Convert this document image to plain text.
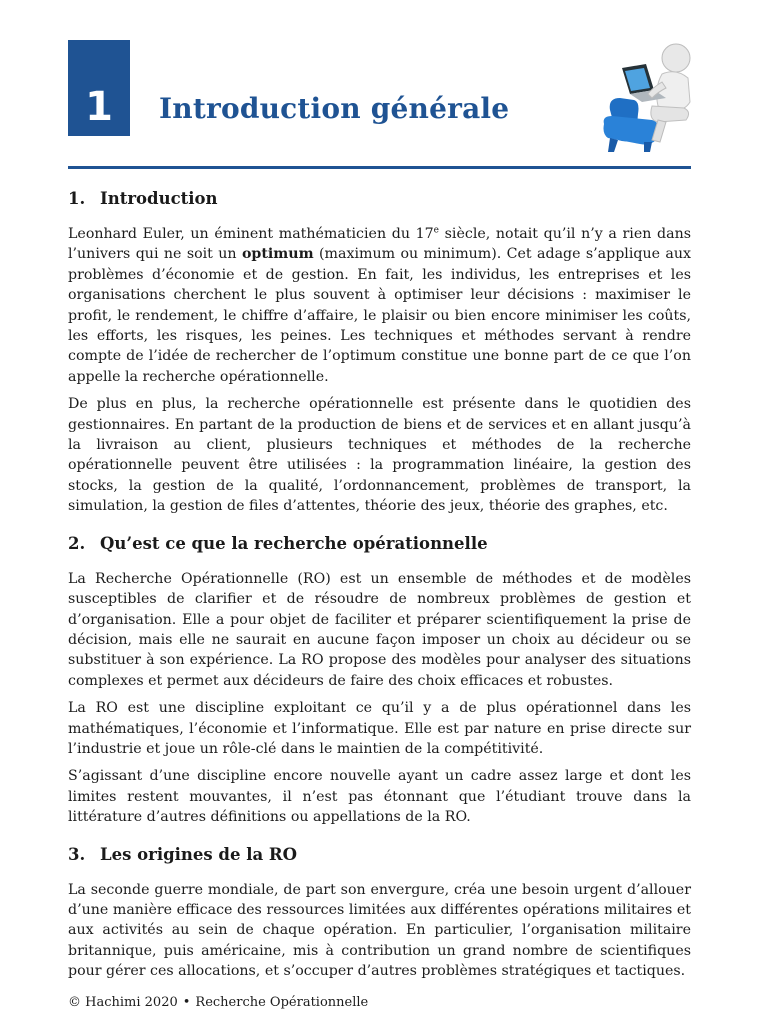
1 Introduction générale
1. Introduction

Leonhard Euler, un éminent mathématicien du 17e siècle, notait qu’il n’y a rien dans l’univers qui ne soit un optimum (maximum ou minimum). Cet adage s’applique aux problèmes d’économie et de gestion. En fait, les individus, les entreprises et les organisations cherchent le plus souvent à optimiser leur décisions : maximiser le profit, le rendement, le chiffre d’affaire, le plaisir ou bien encore minimiser les coûts, les efforts, les risques, les peines. Les techniques et méthodes servant à rendre compte de l’idée de rechercher de l’optimum constitue une bonne part de ce que l’on appelle la recherche opérationnelle.

De plus en plus, la recherche opérationnelle est présente dans le quotidien des gestionnaires. En partant de la production de biens et de services et en allant jusqu’à la livraison au client, plusieurs techniques et méthodes de la recherche opérationnelle peuvent être utilisées : la programmation linéaire, la gestion des stocks, la gestion de la qualité, l’ordonnancement, problèmes de transport, la simulation, la gestion de files d’attentes, théorie des jeux, théorie des graphes, etc.

2. Qu’est ce que la recherche opérationnelle

La Recherche Opérationnelle (RO) est un ensemble de méthodes et de modèles susceptibles de clarifier et de résoudre de nombreux problèmes de gestion et d’organisation. Elle a pour objet de faciliter et préparer scientifiquement la prise de décision, mais elle ne saurait en aucune façon imposer un choix au décideur ou se substituer à son expérience. La RO propose des modèles pour analyser des situations complexes et permet aux décideurs de faire des choix efficaces et robustes.

La RO est une discipline exploitant ce qu’il y a de plus opérationnel dans les mathématiques, l’économie et l’informatique. Elle est par nature en prise directe sur l’industrie et joue un rôle-clé dans le maintien de la compétitivité.

S’agissant d’une discipline encore nouvelle ayant un cadre assez large et dont les limites restent mouvantes, il n’est pas étonnant que l’étudiant trouve dans la littérature d’autres définitions ou appellations de la RO.

3. Les origines de la RO

La seconde guerre mondiale, de part son envergure, créa une besoin urgent d’allouer d’une manière efficace des ressources limitées aux différentes opérations militaires et aux activités au sein de chaque opération. En particulier, l’organisation militaire britannique, puis américaine, mis à contribution un grand nombre de scientifiques pour gérer ces allocations, et s’occuper d’autres problèmes stratégiques et tactiques.

© Hachimi 2020 • Recherche Opérationnelle
